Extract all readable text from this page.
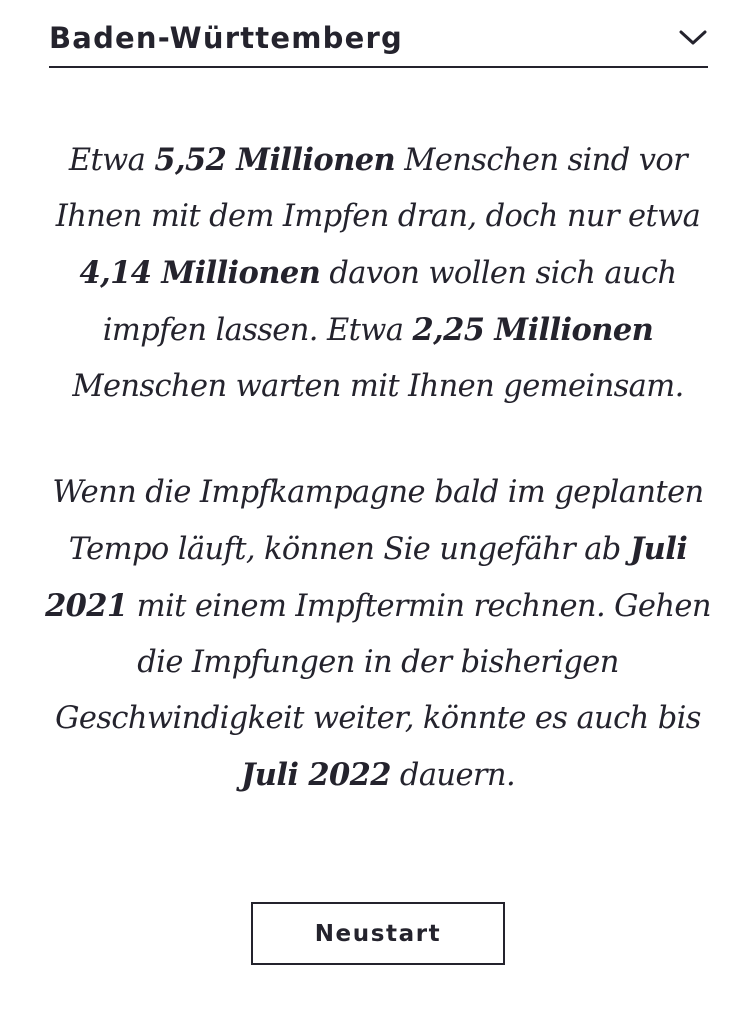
Baden-Württemberg
Etwa 5,52 Millionen Menschen sind vor Ihnen mit dem Impfen dran, doch nur etwa 4,14 Millionen davon wollen sich auch impfen lassen. Etwa 2,25 Millionen Menschen warten mit Ihnen gemeinsam.
Wenn die Impfkampagne bald im geplanten Tempo läuft, können Sie ungefähr ab Juli 2021 mit einem Impftermin rechnen. Gehen die Impfungen in der bisherigen Geschwindigkeit weiter, könnte es auch bis Juli 2022 dauern.
Neustart
